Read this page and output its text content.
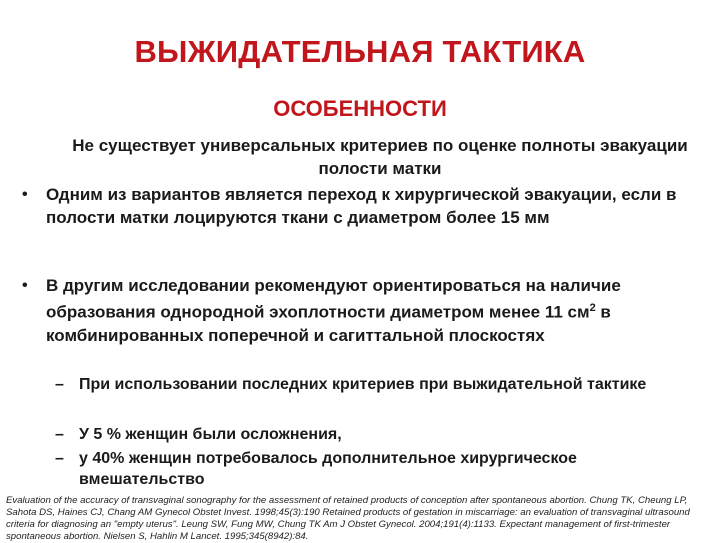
ВЫЖИДАТЕЛЬНАЯ ТАКТИКА
ОСОБЕННОСТИ
Не существует универсальных критериев по оценке полноты эвакуации полости матки
•	Одним из вариантов является переход к хирургической эвакуации, если в полости матки лоцируются ткани с диаметром более 15 мм
•	В другим исследовании рекомендуют ориентироваться на наличие образования однородной эхоплотности диаметром менее 11 $см^2$ в комбинированных поперечной и сагиттальной плоскостях
– При использовании последних критериев при выжидательной тактике
– У 5 % женщин были осложнения,
– у 40% женщин потребовалось дополнительное хирургическое вмешательство
Evaluation of the accuracy of transvaginal sonography for the assessment of retained products of conception after spontaneous abortion. Chung TK, Cheung LP, Sahota DS, Haines CJ, Chang AM Gynecol Obstet Invest. 1998;45(3):190 Retained products of gestation in miscarriage: an evaluation of transvaginal ultrasound criteria for diagnosing an "empty uterus". Leung SW, Fung MW, Chung TK Am J Obstet Gynecol. 2004;191(4):1133. Expectant management of first-trimester spontaneous abortion. Nielsen S, Hahlin M Lancet. 1995;345(8942):84.
